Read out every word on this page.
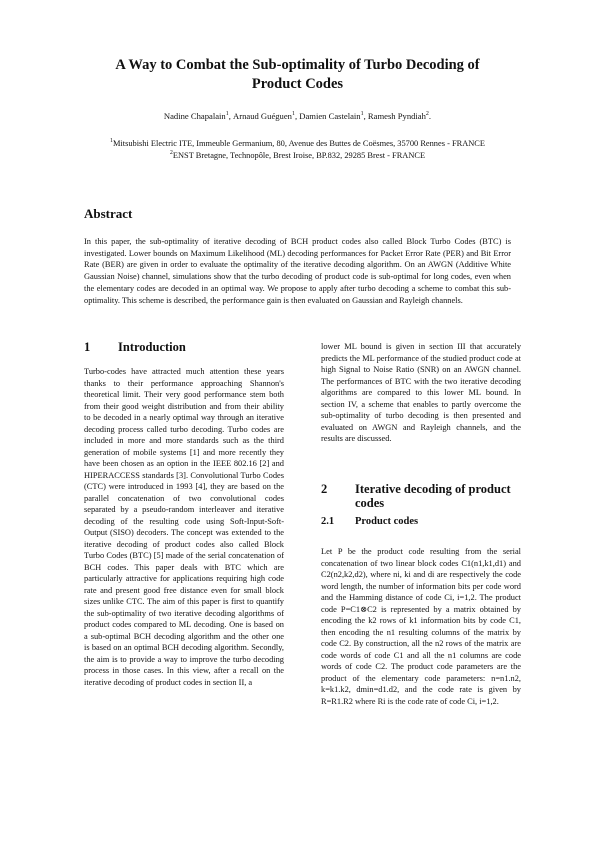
A Way to Combat the Sub-optimality of Turbo Decoding of
Product Codes
Nadine Chapalain$^1$, Arnaud Guéguen$^1$, Damien Castelain$^1$, Ramesh Pyndiah$^2$.
$^1$Mitsubishi Electric ITE, Immeuble Germanium, 80, Avenue des Buttes de Coësmes, 35700 Rennes - FRANCE
$^2$ENST Bretagne, Technopôle, Brest Iroise, BP.832, 29285 Brest - FRANCE
Abstract
In this paper, the sub-optimality of iterative decoding of BCH product codes also called Block Turbo Codes (BTC) is investigated. Lower bounds on Maximum Likelihood (ML) decoding performances for Packet Error Rate (PER) and Bit Error Rate (BER) are given in order to evaluate the optimality of the iterative decoding algorithm. On an AWGN (Additive White Gaussian Noise) channel, simulations show that the turbo decoding of product code is sub-optimal for long codes, even when the elementary codes are decoded in an optimal way. We propose to apply after turbo decoding a scheme to combat this sub-optimality. This scheme is described, the performance gain is then evaluated on Gaussian and Rayleigh channels.
1 Introduction

Turbo-codes have attracted much attention these years thanks to their performance approaching Shannon's theoretical limit. Their very good performance stem both from their good weight distribution and from their ability to be decoded in a nearly optimal way through an iterative decoding process called turbo decoding. Turbo codes are included in more and more standards such as the third generation of mobile systems [1] and more recently they have been chosen as an option in the IEEE 802.16 [2] and HIPERACCESS standards [3]. Convolutional Turbo Codes (CTC) were introduced in 1993 [4], they are based on the parallel concatenation of two convolutional codes separated by a pseudo-random interleaver and iterative decoding of the resulting code using Soft-Input-Soft-Output (SISO) decoders. The concept was extended to the iterative decoding of product codes also called Block Turbo Codes (BTC) [5] made of the serial concatenation of BCH codes. This paper deals with BTC which are particularly attractive for applications requiring high code rate and present good free distance even for small block sizes unlike CTC. The aim of this paper is first to quantify the sub-optimality of two iterative decoding algorithms of product codes compared to ML decoding. One is based on a sub-optimal BCH decoding algorithm and the other one is based on an optimal BCH decoding algorithm. Secondly, the aim is to provide a way to improve the turbo decoding process in those cases. In this view, after a recall on the iterative decoding of product codes in section II, a

lower ML bound is given in section III that accurately predicts the ML performance of the studied product code at high Signal to Noise Ratio (SNR) on an AWGN channel. The performances of BTC with the two iterative decoding algorithms are compared to this lower ML bound. In section IV, a scheme that enables to partly overcome the sub-optimality of turbo decoding is then presented and evaluated on AWGN and Rayleigh channels, and the results are discussed.

2 Iterative decoding of product
codes
2.1 Product codes

Let P be the product code resulting from the serial concatenation of two linear block codes C1(n1,k1,d1) and C2(n2,k2,d2), where ni, ki and di are respectively the code word length, the number of information bits per code word and the Hamming distance of code Ci, i=1,2. The product code P=C1⊗C2 is represented by a matrix obtained by encoding the k2 rows of k1 information bits by code C1, then encoding the n1 resulting columns of the matrix by code C2. By construction, all the n2 rows of the matrix are code words of code C1 and all the n1 columns are code words of code C2. The product code parameters are the product of the elementary code parameters: n=n1.n2, k=k1.k2, dmin=d1.d2, and the code rate is given by R=R1.R2 where Ri is the code rate of code Ci, i=1,2.
